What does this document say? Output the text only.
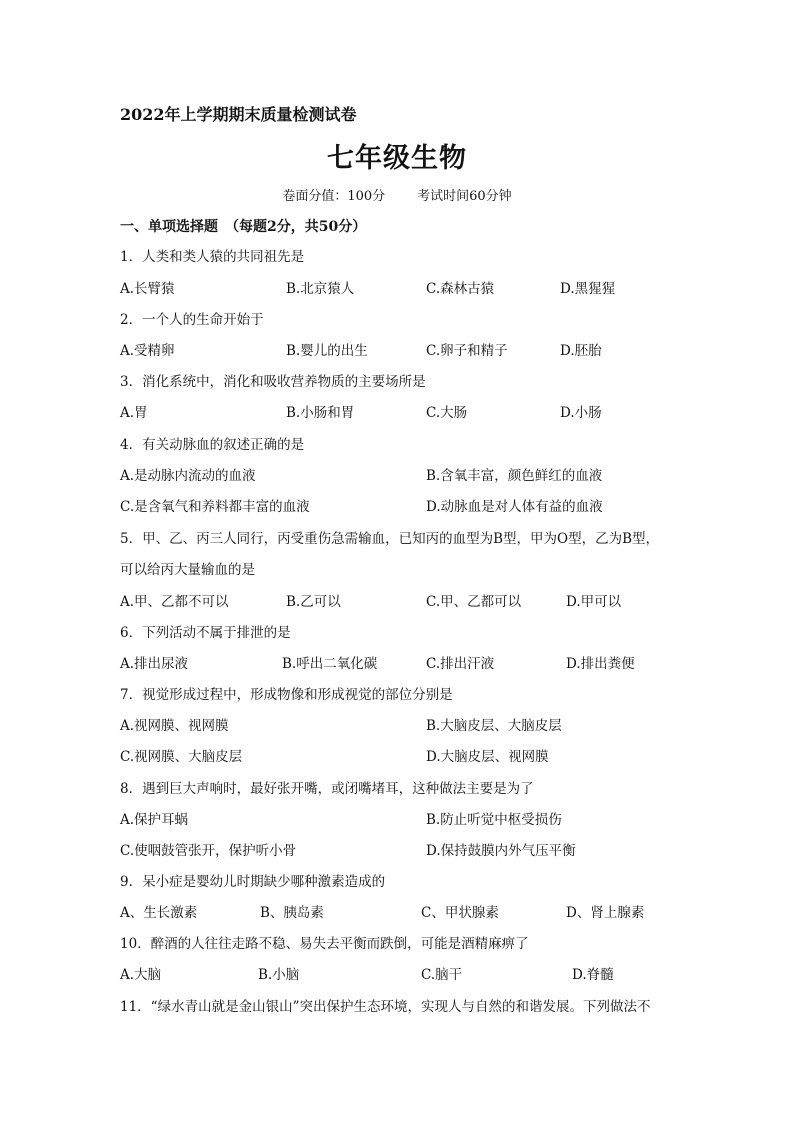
2022年上学期期末质量检测试卷
七年级生物
卷面分值：100分 考试时间60分钟
一、单项选择题　（每题2分，共50分）
1．人类和类人猿的共同祖先是
A.长臂猿	B.北京猿人	C.森林古猿	D.黑猩猩
2．一个人的生命开始于
A.受精卵	B.婴儿的出生	C.卵子和精子	D.胚胎
3．消化系统中，消化和吸收营养物质的主要场所是
A.胃	B.小肠和胃	C.大肠	D.小肠
4．有关动脉血的叙述正确的是
A.是动脉内流动的血液	B.含氧丰富，颜色鲜红的血液
C.是含氧气和养料都丰富的血液	D.动脉血是对人体有益的血液
5．甲、乙、丙三人同行，丙受重伤急需输血，已知丙的血型为B型，甲为O型，乙为B型，
可以给丙大量输血的是
A.甲、乙都不可以	B.乙可以	C.甲、乙都可以	D.甲可以
6．下列活动不属于排泄的是
A.排出尿液	B.呼出二氧化碳	C.排出汗液	D.排出粪便
7．视觉形成过程中，形成物像和形成视觉的部位分别是
A.视网膜、视网膜	B.大脑皮层、大脑皮层
C.视网膜、大脑皮层	D.大脑皮层、视网膜
8．遇到巨大声响时，最好张开嘴，或闭嘴堵耳，这种做法主要是为了
A.保护耳蜗	B.防止听觉中枢受损伤
C.使咽鼓管张开，保护听小骨	D.保持鼓膜内外气压平衡
9．呆小症是婴幼儿时期缺少哪种激素造成的
A、生长激素	B、胰岛素	C、甲状腺素	D、肾上腺素
10．醉酒的人往往走路不稳、易失去平衡而跌倒，可能是酒精麻痹了
A.大脑	B.小脑	C.脑干	D.脊髓
11．“绿水青山就是金山银山”突出保护生态环境，实现人与自然的和谐发展。下列做法不
